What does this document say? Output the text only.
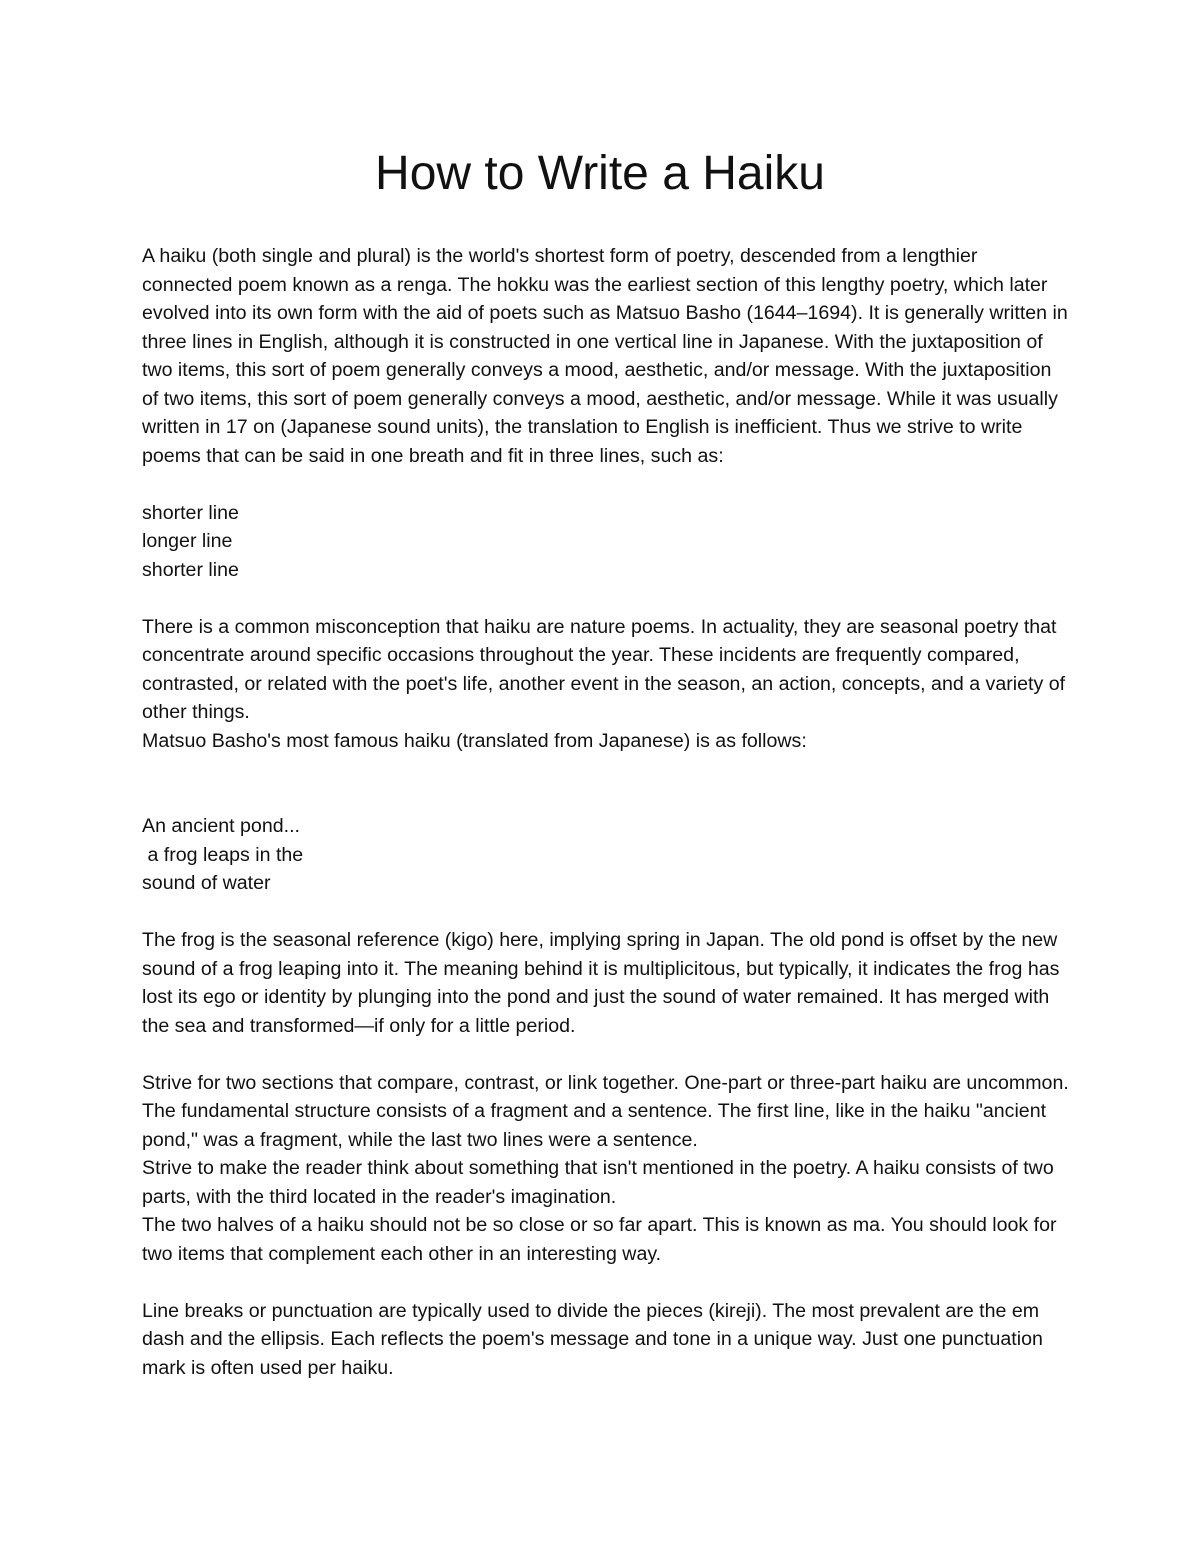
How to Write a Haiku

A haiku (both single and plural) is the world's shortest form of poetry, descended from a lengthier connected poem known as a renga. The hokku was the earliest section of this lengthy poetry, which later evolved into its own form with the aid of poets such as Matsuo Basho (1644–1694). It is generally written in three lines in English, although it is constructed in one vertical line in Japanese. With the juxtaposition of two items, this sort of poem generally conveys a mood, aesthetic, and/or message. With the juxtaposition of two items, this sort of poem generally conveys a mood, aesthetic, and/or message. While it was usually written in 17 on (Japanese sound units), the translation to English is inefficient. Thus we strive to write poems that can be said in one breath and fit in three lines, such as:

shorter line

longer line

shorter line

There is a common misconception that haiku are nature poems. In actuality, they are seasonal poetry that concentrate around specific occasions throughout the year. These incidents are frequently compared, contrasted, or related with the poet's life, another event in the season, an action, concepts, and a variety of other things.

Matsuo Basho's most famous haiku (translated from Japanese) is as follows:

An ancient pond...

a frog leaps in the

sound of water

The frog is the seasonal reference (kigo) here, implying spring in Japan. The old pond is offset by the new sound of a frog leaping into it. The meaning behind it is multiplicitous, but typically, it indicates the frog has lost its ego or identity by plunging into the pond and just the sound of water remained. It has merged with the sea and transformed—if only for a little period.

Strive for two sections that compare, contrast, or link together. One-part or three-part haiku are uncommon. The fundamental structure consists of a fragment and a sentence. The first line, like in the haiku "ancient pond," was a fragment, while the last two lines were a sentence.

Strive to make the reader think about something that isn't mentioned in the poetry. A haiku consists of two parts, with the third located in the reader's imagination.

The two halves of a haiku should not be so close or so far apart. This is known as ma. You should look for two items that complement each other in an interesting way.

Line breaks or punctuation are typically used to divide the pieces (kireji). The most prevalent are the em dash and the ellipsis. Each reflects the poem's message and tone in a unique way. Just one punctuation mark is often used per haiku.
